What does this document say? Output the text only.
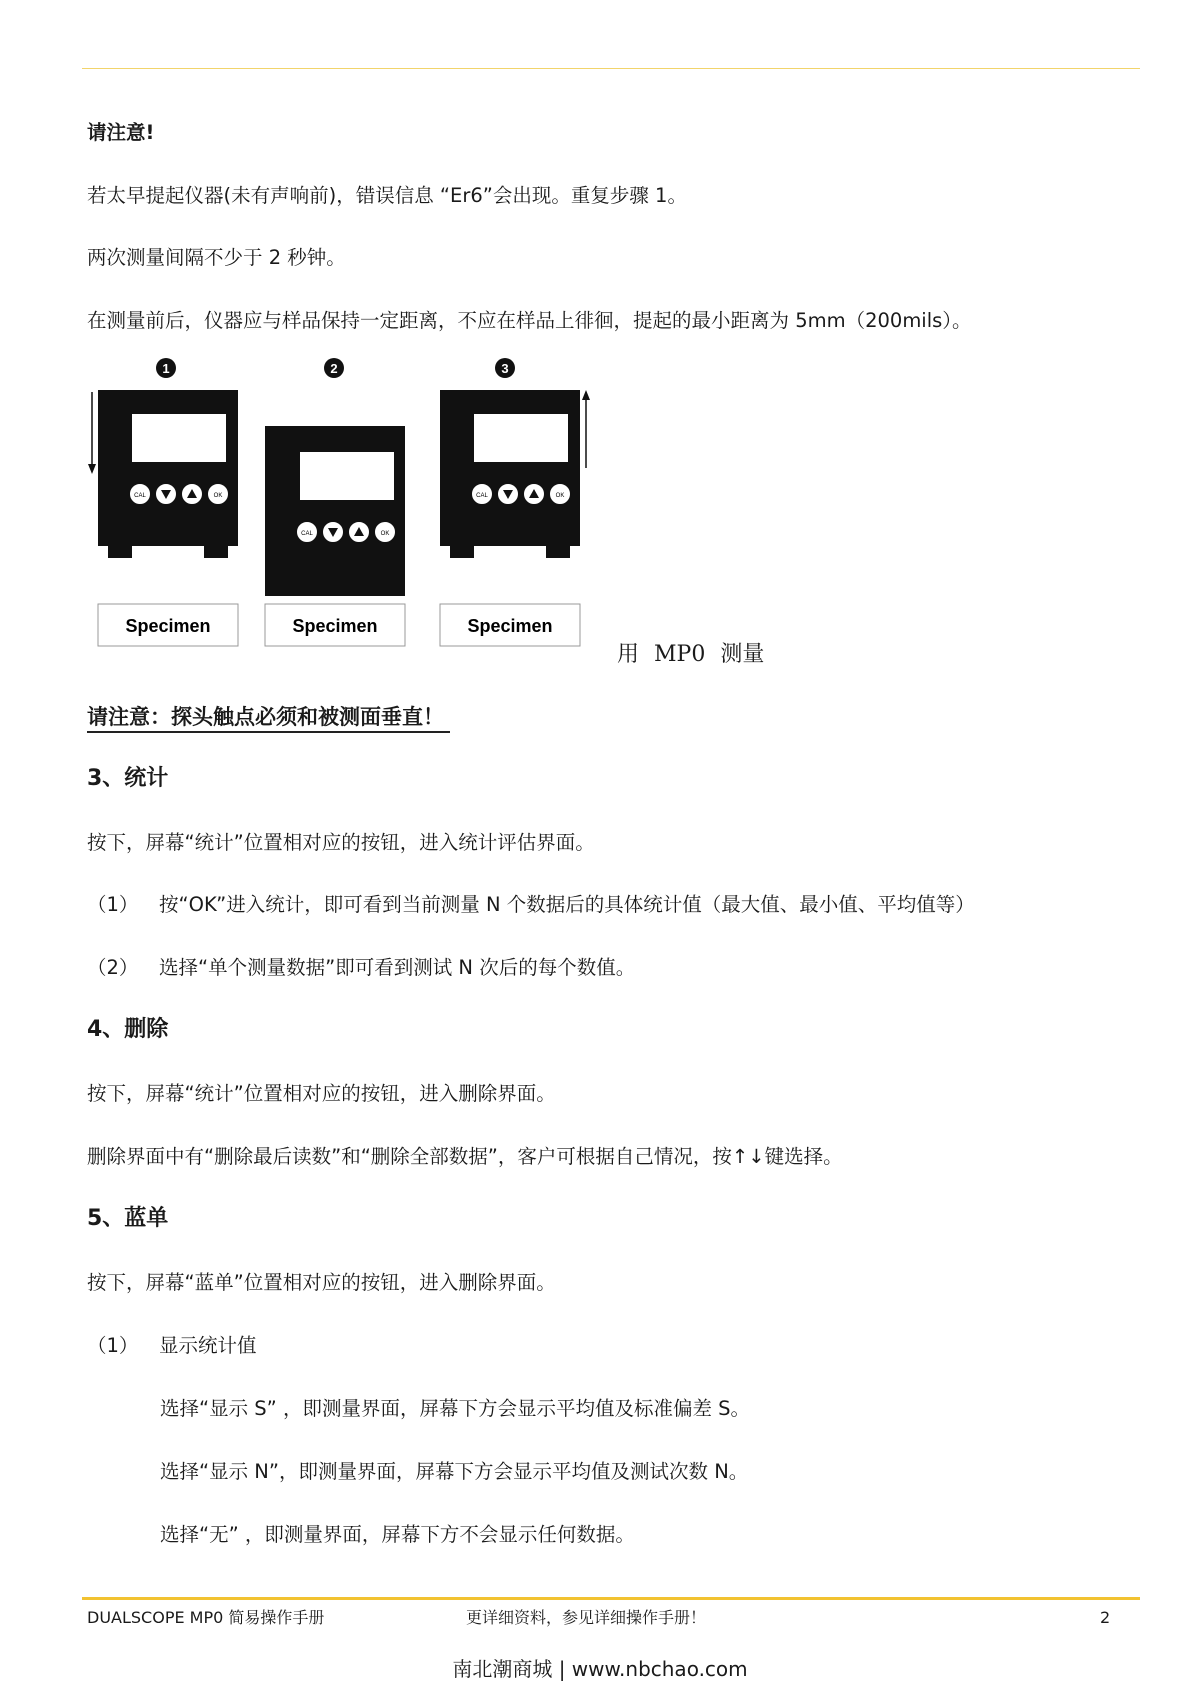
请注意!
若太早提起仪器(未有声响前)，错误信息 “Er6”会出现。重复步骤 1。
两次测量间隔不少于 2 秒钟。
在测量前后，仪器应与样品保持一定距离，不应在样品上徘徊，提起的最小距离为 5mm（200mils）。
1
CAL	OK
Specimen
2
CAL	OK
Specimen
3
CAL	OK
Specimen
用 MP0 测量
请注意：探头触点必须和被测面垂直！
3、统计
按下，屏幕“统计”位置相对应的按钮，进入统计评估界面。
（1） 按“OK”进入统计，即可看到当前测量 N 个数据后的具体统计值（最大值、最小值、平均值等）
（2） 选择“单个测量数据”即可看到测试 N 次后的每个数值。
4、删除
按下，屏幕“统计”位置相对应的按钮，进入删除界面。
删除界面中有“删除最后读数”和“删除全部数据”，客户可根据自己情况，按↑↓键选择。
5、蓝单
按下，屏幕“蓝单”位置相对应的按钮，进入删除界面。
（1） 显示统计值
选择“显示 S” ，即测量界面，屏幕下方会显示平均值及标准偏差 S。
选择“显示 N”，即测量界面，屏幕下方会显示平均值及测试次数 N。
选择“无” ，即测量界面，屏幕下方不会显示任何数据。
DUALSCOPE MP0 简易操作手册	更详细资料，参见详细操作手册！	2
南北潮商城 | www.nbchao.com
